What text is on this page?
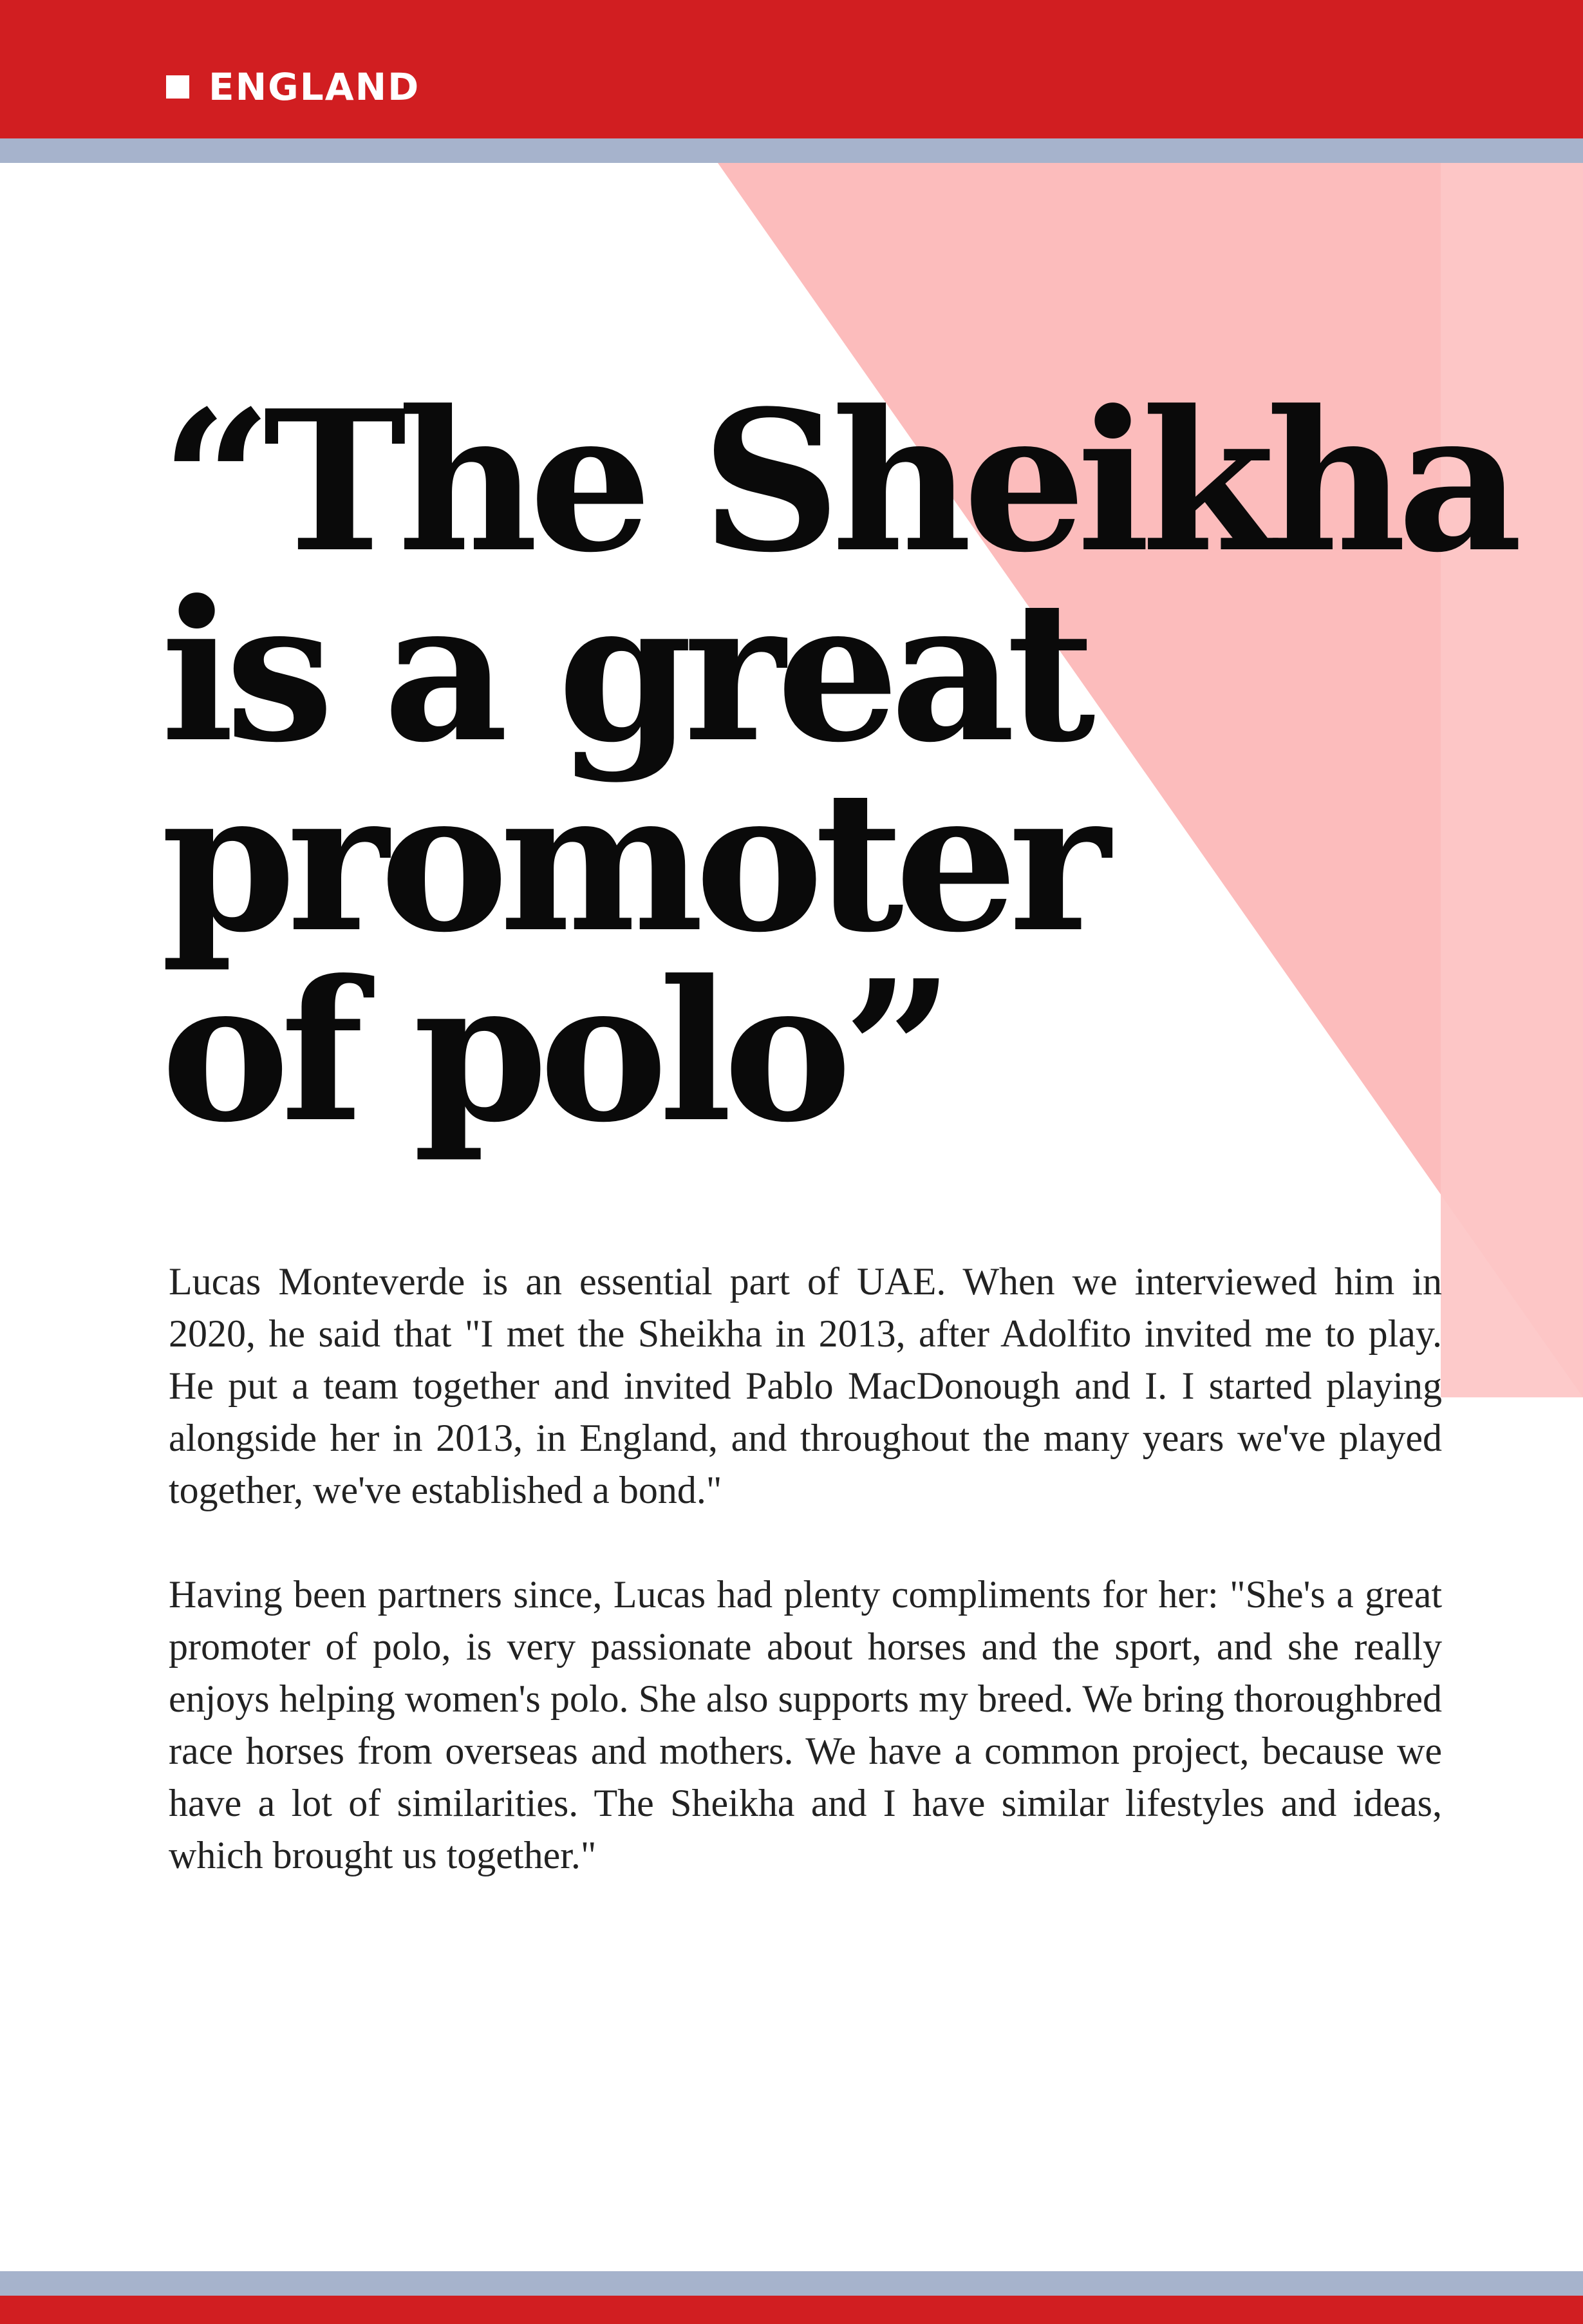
ENGLAND
“The Sheikha
is a great
promoter
of polo”

Lucas Monteverde is an essential part of UAE. When we interviewed him in 2020, he said that "I met the Sheikha in 2013, after Adolfito invited me to play. He put a team together and invited Pablo MacDonough and I. I started playing alongside her in 2013, in England, and throughout the many years we've played together, we've established a bond."

Having been partners since, Lucas had plenty compliments for her: "She's a great promoter of polo, is very passionate about horses and the sport, and she really enjoys helping women's polo. She also supports my breed. We bring thoroughbred race horses from overseas and mothers. We have a common project, because we have a lot of similarities. The Sheikha and I have similar lifestyles and ideas, which brought us together."
